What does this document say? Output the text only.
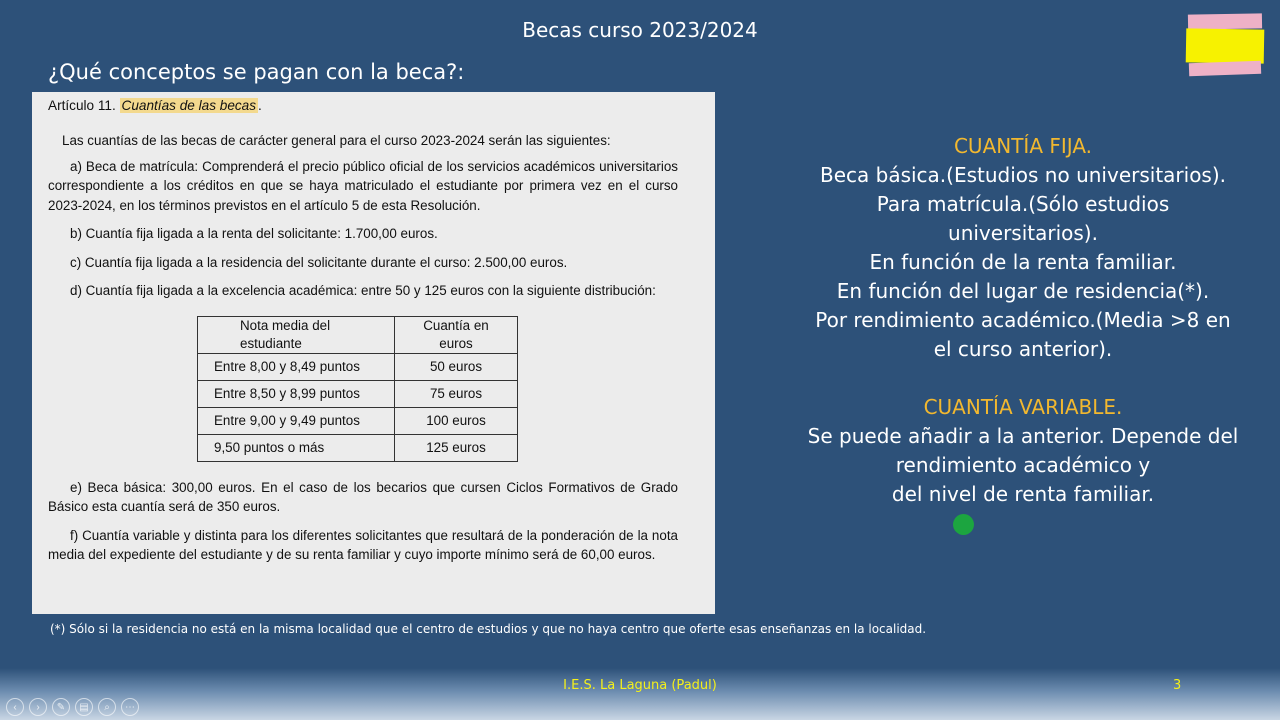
Becas curso 2023/2024
¿Qué conceptos se pagan con la beca?:
Artículo 11. Cuantías de las becas .

Las cuantías de las becas de carácter general para el curso 2023-2024 serán las siguientes:

a) Beca de matrícula: Comprenderá el precio público oficial de los servicios académicos universitarios correspondiente a los créditos en que se haya matriculado el estudiante por primera vez en el curso 2023-2024, en los términos previstos en el artículo 5 de esta Resolución.

b) Cuantía fija ligada a la renta del solicitante: 1.700,00 euros.

c) Cuantía fija ligada a la residencia del solicitante durante el curso: 2.500,00 euros.

d) Cuantía fija ligada a la excelencia académica: entre 50 y 125 euros con la siguiente distribución:

Nota media del estudiante	Cuantía en euros
Entre 8,00 y 8,49 puntos	50 euros
Entre 8,50 y 8,99 puntos	75 euros
Entre 9,00 y 9,49 puntos	100 euros
9,50 puntos o más	125 euros

e) Beca básica: 300,00 euros. En el caso de los becarios que cursen Ciclos Formativos de Grado Básico esta cuantía será de 350 euros.

f) Cuantía variable y distinta para los diferentes solicitantes que resultará de la ponderación de la nota media del expediente del estudiante y de su renta familiar y cuyo importe mínimo será de 60,00 euros.

CUANTÍA FIJA.
Beca básica.(Estudios no universitarios).
Para matrícula.(Sólo estudios
universitarios).
En función de la renta familiar.
En función del lugar de residencia(*).
Por rendimiento académico.(Media >8 en
el curso anterior).
CUANTÍA VARIABLE.
Se puede añadir a la anterior. Depende del
rendimiento académico y
del nivel de renta familiar.
(*) Sólo si la residencia no está en la misma localidad que el centro de estudios y que no haya centro que oferte esas enseñanzas en la localidad.
I.E.S. La Laguna (Padul)	3
‹	›	✎	▤	⌕	⋯
